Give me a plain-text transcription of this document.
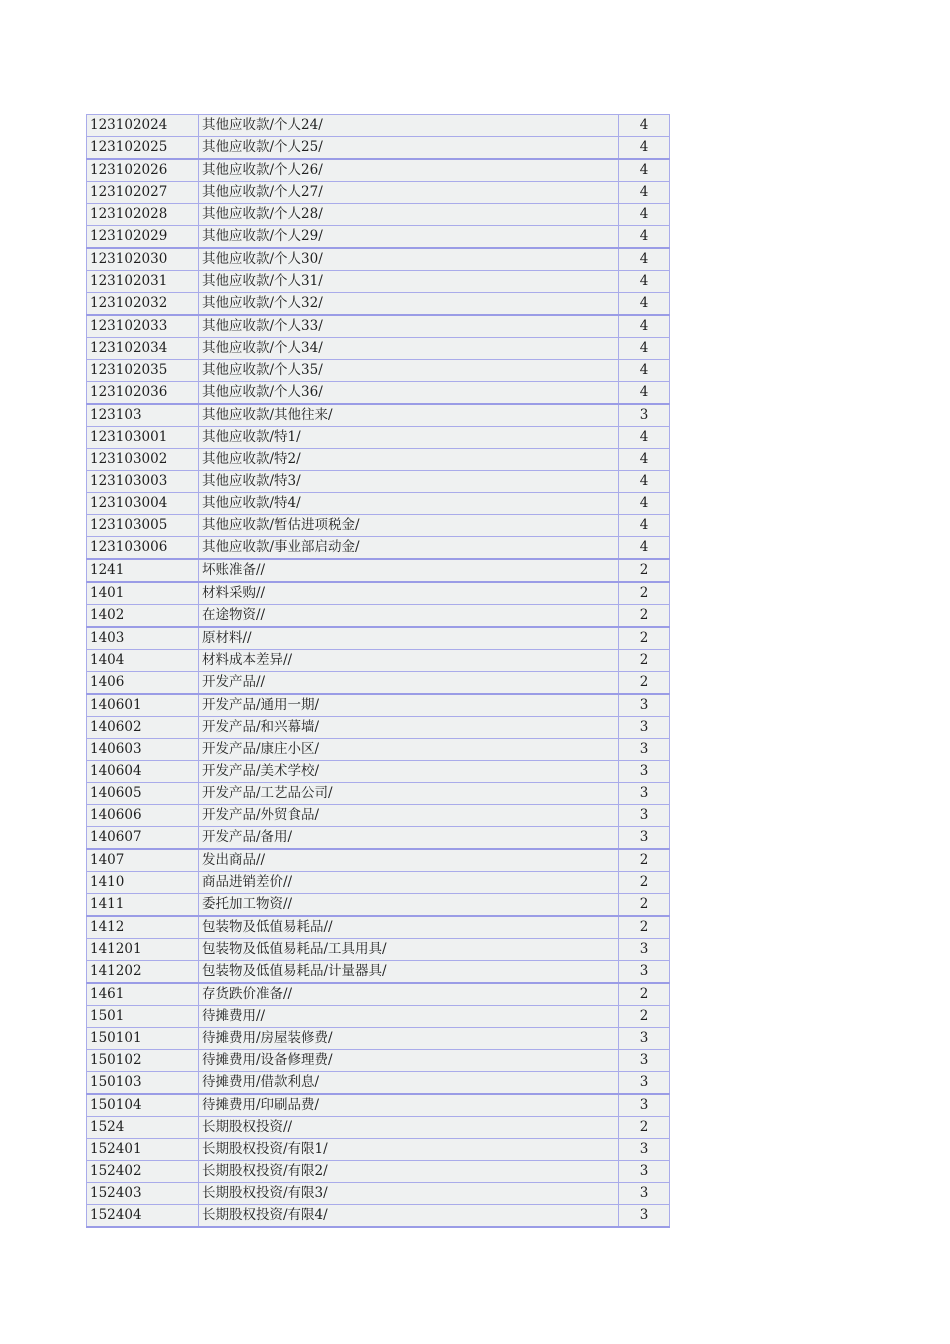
123102024	其他应收款/个人24/	4
123102025	其他应收款/个人25/	4
123102026	其他应收款/个人26/	4
123102027	其他应收款/个人27/	4
123102028	其他应收款/个人28/	4
123102029	其他应收款/个人29/	4
123102030	其他应收款/个人30/	4
123102031	其他应收款/个人31/	4
123102032	其他应收款/个人32/	4
123102033	其他应收款/个人33/	4
123102034	其他应收款/个人34/	4
123102035	其他应收款/个人35/	4
123102036	其他应收款/个人36/	4
123103	其他应收款/其他往来/	3
123103001	其他应收款/特1/	4
123103002	其他应收款/特2/	4
123103003	其他应收款/特3/	4
123103004	其他应收款/特4/	4
123103005	其他应收款/暂估进项税金/	4
123103006	其他应收款/事业部启动金/	4
1241	坏账准备//	2
1401	材料采购//	2
1402	在途物资//	2
1403	原材料//	2
1404	材料成本差异//	2
1406	开发产品//	2
140601	开发产品/通用一期/	3
140602	开发产品/和兴幕墙/	3
140603	开发产品/康庄小区/	3
140604	开发产品/美术学校/	3
140605	开发产品/工艺品公司/	3
140606	开发产品/外贸食品/	3
140607	开发产品/备用/	3
1407	发出商品//	2
1410	商品进销差价//	2
1411	委托加工物资//	2
1412	包装物及低值易耗品//	2
141201	包装物及低值易耗品/工具用具/	3
141202	包装物及低值易耗品/计量器具/	3
1461	存货跌价准备//	2
1501	待摊费用//	2
150101	待摊费用/房屋装修费/	3
150102	待摊费用/设备修理费/	3
150103	待摊费用/借款利息/	3
150104	待摊费用/印刷品费/	3
1524	长期股权投资//	2
152401	长期股权投资/有限1/	3
152402	长期股权投资/有限2/	3
152403	长期股权投资/有限3/	3
152404	长期股权投资/有限4/	3
